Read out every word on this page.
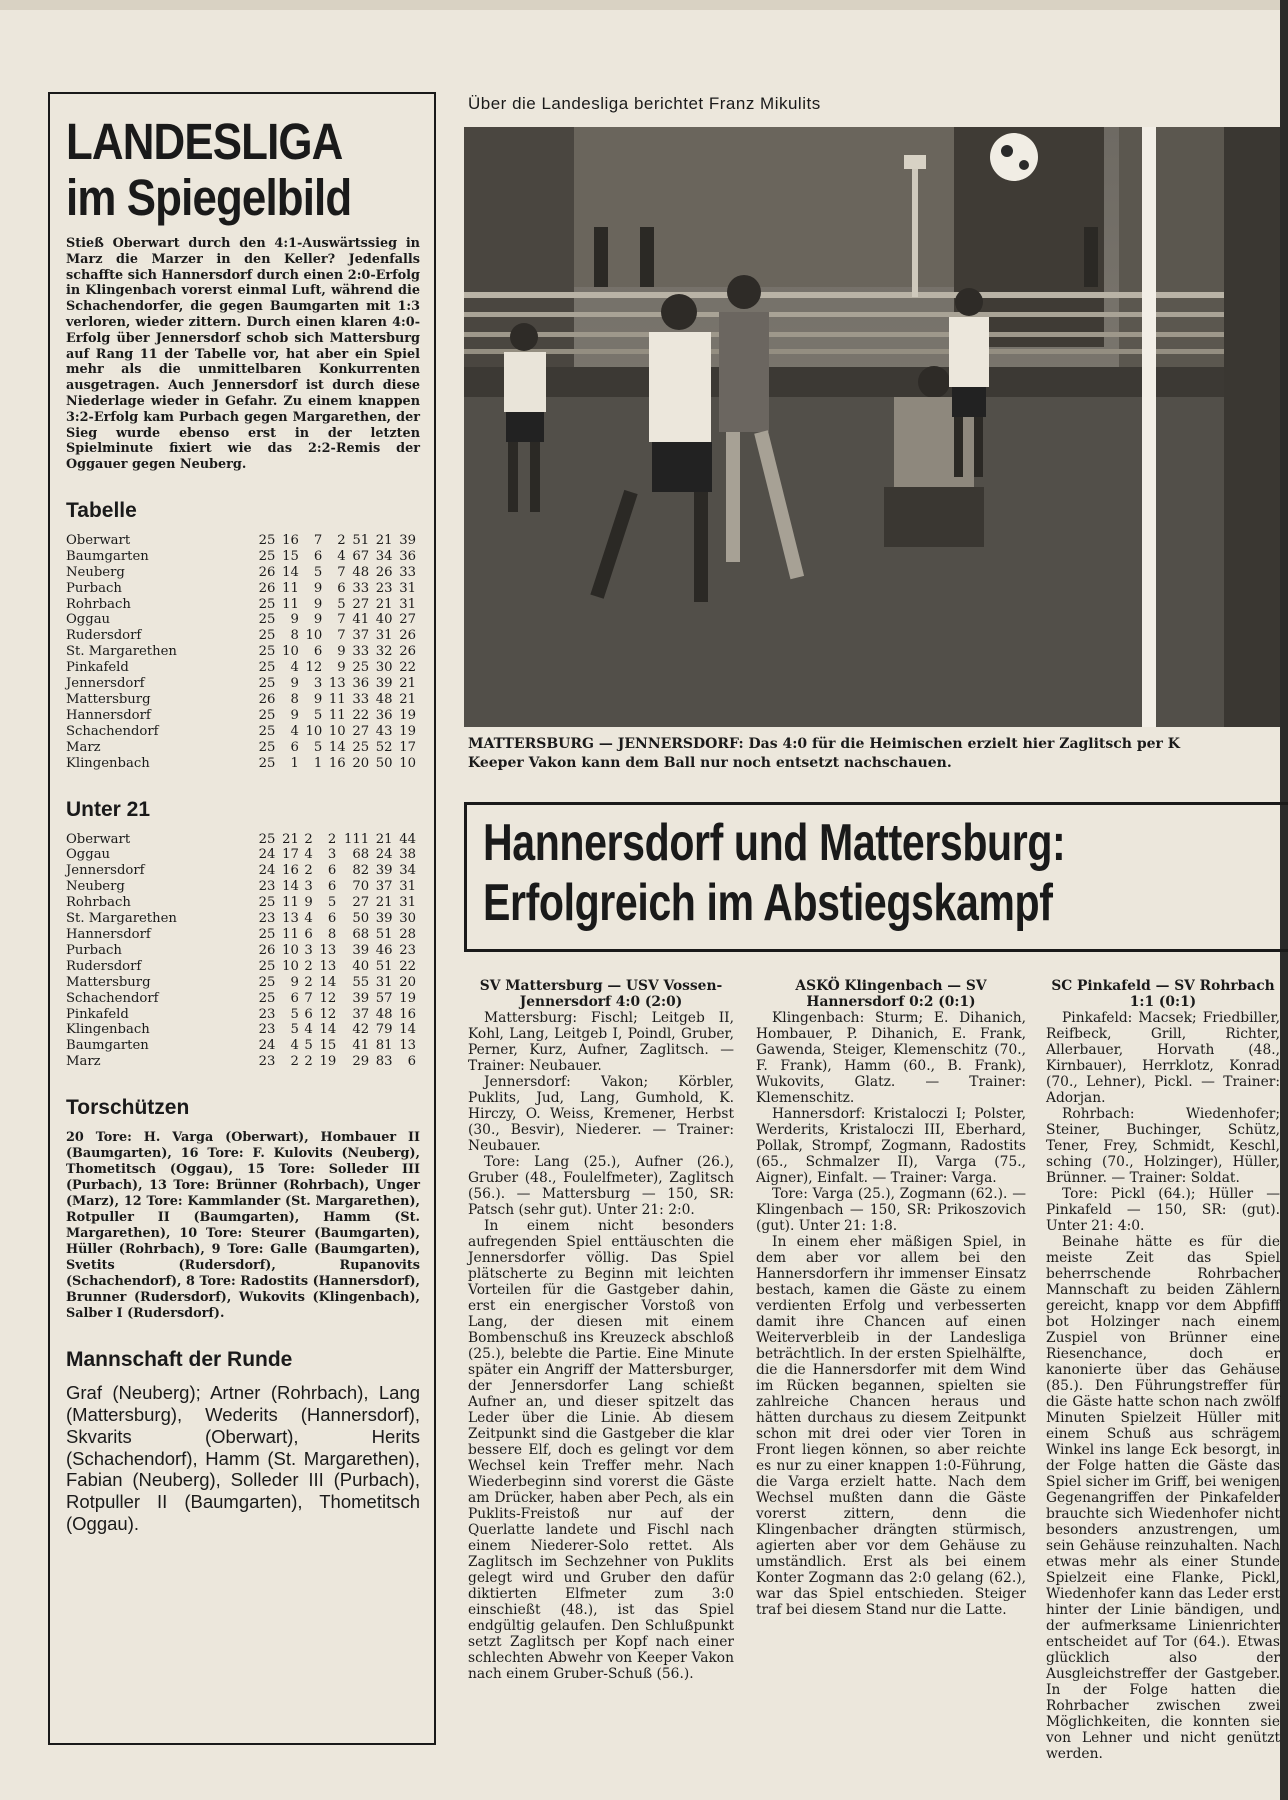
LANDESLIGA
im Spiegelbild

Stieß Oberwart durch den 4:1-Auswärtssieg in Marz die Marzer in den Keller? Jedenfalls schaffte sich Hannersdorf durch einen 2:0-Erfolg in Klingenbach vorerst einmal Luft, während die Schachendorfer, die gegen Baumgarten mit 1:3 verloren, wieder zittern. Durch einen klaren 4:0-Erfolg über Jennersdorf schob sich Mattersburg auf Rang 11 der Tabelle vor, hat aber ein Spiel mehr als die unmittelbaren Konkurrenten ausgetragen. Auch Jennersdorf ist durch diese Niederlage wieder in Gefahr. Zu einem knappen 3:2-Erfolg kam Purbach gegen Margarethen, der Sieg wurde ebenso erst in der letzten Spielminute fixiert wie das 2:2-Remis der Oggauer gegen Neuberg.

Tabelle
Oberwart	25	16	7	2	51	21	39
Baumgarten	25	15	6	4	67	34	36
Neuberg	26	14	5	7	48	26	33
Purbach	26	11	9	6	33	23	31
Rohrbach	25	11	9	5	27	21	31
Oggau	25	9	9	7	41	40	27
Rudersdorf	25	8	10	7	37	31	26
St. Margarethen	25	10	6	9	33	32	26
Pinkafeld	25	4	12	9	25	30	22
Jennersdorf	25	9	3	13	36	39	21
Mattersburg	26	8	9	11	33	48	21
Hannersdorf	25	9	5	11	22	36	19
Schachendorf	25	4	10	10	27	43	19
Marz	25	6	5	14	25	52	17
Klingenbach	25	1	1	16	20	50	10
Unter 21
Oberwart	25	21	2	2	111	21	44
Oggau	24	17	4	3	68	24	38
Jennersdorf	24	16	2	6	82	39	34
Neuberg	23	14	3	6	70	37	31
Rohrbach	25	11	9	5	27	21	31
St. Margarethen	23	13	4	6	50	39	30
Hannersdorf	25	11	6	8	68	51	28
Purbach	26	10	3	13	39	46	23
Rudersdorf	25	10	2	13	40	51	22
Mattersburg	25	9	2	14	55	31	20
Schachendorf	25	6	7	12	39	57	19
Pinkafeld	23	5	6	12	37	48	16
Klingenbach	23	5	4	14	42	79	14
Baumgarten	24	4	5	15	41	81	13
Marz	23	2	2	19	29	83	6
Torschützen

20 Tore: H. Varga (Oberwart), Hombauer II (Baumgarten), 16 Tore: F. Kulovits (Neuberg), Thometitsch (Oggau), 15 Tore: Solleder III (Purbach), 13 Tore: Brünner (Rohrbach), Unger (Marz), 12 Tore: Kammlander (St. Margarethen), Rotpuller II (Baumgarten), Hamm (St. Margarethen), 10 Tore: Steurer (Baumgarten), Hüller (Rohrbach), 9 Tore: Galle (Baumgarten), Svetits (Rudersdorf), Rupanovits (Schachendorf), 8 Tore: Radostits (Hannersdorf), Brunner (Rudersdorf), Wukovits (Klingenbach), Salber I (Rudersdorf).

Mannschaft der Runde

Graf (Neuberg); Artner (Rohrbach), Lang (Mattersburg), Wederits (Hannersdorf), Skvarits (Oberwart), Herits (Schachendorf), Hamm (St. Margarethen), Fabian (Neuberg), Solleder III (Purbach), Rotpuller II (Baumgarten), Thometitsch (Oggau).

Über die Landesliga berichtet Franz Mikulits
MATTERSBURG — JENNERSDORF: Das 4:0 für die Heimischen erzielt hier Zaglitsch per K
Keeper Vakon kann dem Ball nur noch entsetzt nachschauen.
Hannersdorf und Mattersburg:
Erfolgreich im Abstiegskampf

SV Mattersburg — USV Vossen-Jennersdorf 4:0 (2:0)

Mattersburg: Fischl; Leitgeb II, Kohl, Lang, Leitgeb I, Poindl, Gruber, Perner, Kurz, Aufner, Zaglitsch. — Trainer: Neubauer.

Jennersdorf: Vakon; Körbler, Puklits, Jud, Lang, Gumhold, K. Hirczy, O. Weiss, Kremener, Herbst (30., Besvir), Niederer. — Trainer: Neubauer.

Tore: Lang (25.), Aufner (26.), Gruber (48., Foulelfmeter), Zaglitsch (56.). — Mattersburg — 150, SR: Patsch (sehr gut). Unter 21: 2:0.

In einem nicht besonders aufregenden Spiel enttäuschten die Jennersdorfer völlig. Das Spiel plätscherte zu Beginn mit leichten Vorteilen für die Gastgeber dahin, erst ein energischer Vorstoß von Lang, der diesen mit einem Bombenschuß ins Kreuzeck abschloß (25.), belebte die Partie. Eine Minute später ein Angriff der Mattersburger, der Jennersdorfer Lang schießt Aufner an, und dieser spitzelt das Leder über die Linie. Ab diesem Zeitpunkt sind die Gastgeber die klar bessere Elf, doch es gelingt vor dem Wechsel kein Treffer mehr. Nach Wiederbeginn sind vorerst die Gäste am Drücker, haben aber Pech, als ein Puklits-Freistoß nur auf der Querlatte landete und Fischl nach einem Niederer-Solo rettet. Als Zaglitsch im Sechzehner von Puklits gelegt wird und Gruber den dafür diktierten Elfmeter zum 3:0 einschießt (48.), ist das Spiel endgültig gelaufen. Den Schlußpunkt setzt Zaglitsch per Kopf nach einer schlechten Abwehr von Keeper Vakon nach einem Gruber-Schuß (56.).

ASKÖ Klingenbach — SV Hannersdorf 0:2 (0:1)

Klingenbach: Sturm; E. Dihanich, Hombauer, P. Dihanich, E. Frank, Gawenda, Steiger, Klemenschitz (70., F. Frank), Hamm (60., B. Frank), Wukovits, Glatz. — Trainer: Klemenschitz.

Hannersdorf: Kristaloczi I; Polster, Werderits, Kristaloczi III, Eberhard, Pollak, Strompf, Zogmann, Radostits (65., Schmalzer II), Varga (75., Aigner), Einfalt. — Trainer: Varga.

Tore: Varga (25.), Zogmann (62.). — Klingenbach — 150, SR: Prikoszovich (gut). Unter 21: 1:8.

In einem eher mäßigen Spiel, in dem aber vor allem bei den Hannersdorfern ihr immenser Einsatz bestach, kamen die Gäste zu einem verdienten Erfolg und verbesserten damit ihre Chancen auf einen Weiterverbleib in der Landesliga beträchtlich. In der ersten Spielhälfte, die die Hannersdorfer mit dem Wind im Rücken begannen, spielten sie zahlreiche Chancen heraus und hätten durchaus zu diesem Zeitpunkt schon mit drei oder vier Toren in Front liegen können, so aber reichte es nur zu einer knappen 1:0-Führung, die Varga erzielt hatte. Nach dem Wechsel mußten dann die Gäste vorerst zittern, denn die Klingenbacher drängten stürmisch, agierten aber vor dem Gehäuse zu umständlich. Erst als bei einem Konter Zogmann das 2:0 gelang (62.), war das Spiel entschieden. Steiger traf bei diesem Stand nur die Latte.

SC Pinkafeld — SV Rohrbach 1:1 (0:1)

Pinkafeld: Macsek; Friedbiller, Reifbeck, Grill, Richter, Allerbauer, Horvath (48., Kirnbauer), Herrklotz, Konrad (70., Lehner), Pickl. — Trainer: Adorjan.

Rohrbach: Wiedenhofer; Steiner, Buchinger, Schütz, Tener, Frey, Schmidt, Keschl, sching (70., Holzinger), Hüller, Brünner. — Trainer: Soldat.

Tore: Pickl (64.); Hüller — Pinkafeld — 150, SR: (gut). Unter 21: 4:0.

Beinahe hätte es für die meiste Zeit das Spiel beherrschende Rohrbacher Mannschaft zu beiden Zählern gereicht, knapp vor dem Abpfiff bot Holzinger nach einem Zuspiel von Brünner eine Riesenchance, doch er kanonierte über das Gehäuse (85.). Den Führungstreffer für die Gäste hatte schon nach zwölf Minuten Spielzeit Hüller mit einem Schuß aus schrägem Winkel ins lange Eck besorgt, in der Folge hatten die Gäste das Spiel sicher im Griff, bei wenigen Gegenangriffen der Pinkafelder brauchte sich Wiedenhofer nicht besonders anzustrengen, um sein Gehäuse reinzuhalten. Nach etwas mehr als einer Stunde Spielzeit eine Flanke, Pickl, Wiedenhofer kann das Leder erst hinter der Linie bändigen, und der aufmerksame Linienrichter entscheidet auf Tor (64.). Etwas glücklich also der Ausgleichstreffer der Gastgeber. In der Folge hatten die Rohrbacher zwischen zwei Möglichkeiten, die konnten sie von Lehner und nicht genützt werden.
